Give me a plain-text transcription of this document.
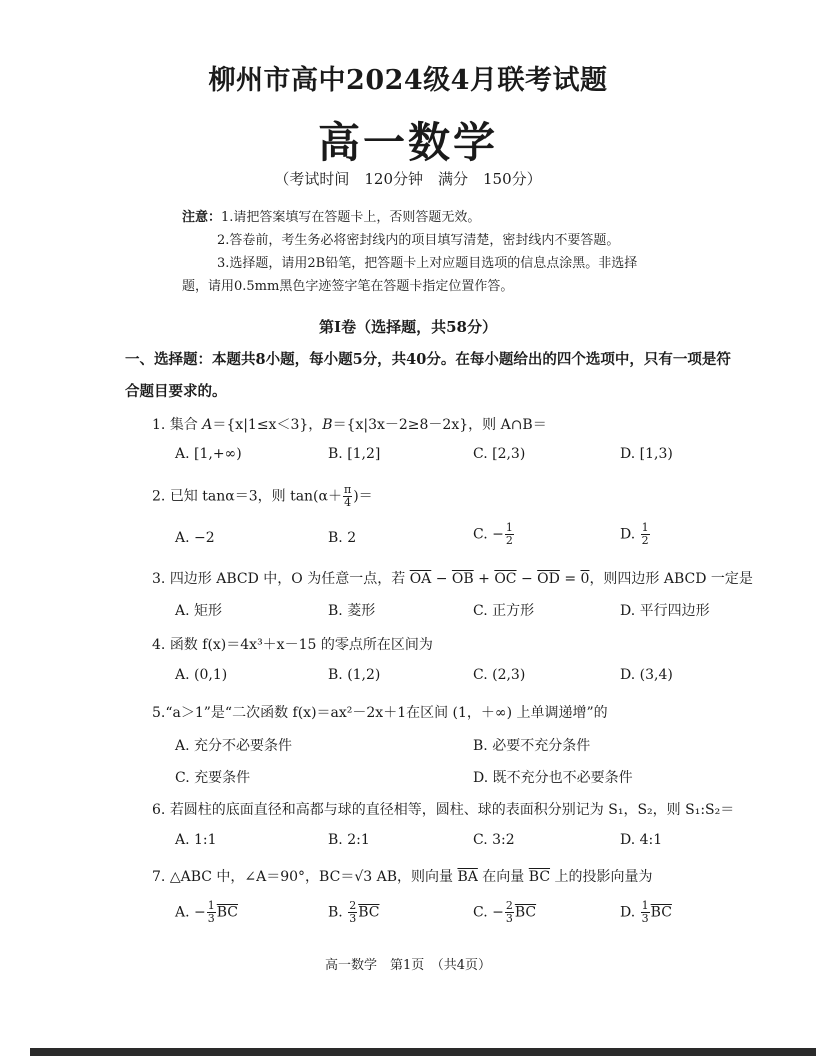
柳州市高中2024级4月联考试题
高一数学
（考试时间　120分钟　满分　150分）
注意：1.请把答案填写在答题卡上，否则答题无效。
2.答卷前，考生务必将密封线内的项目填写清楚，密封线内不要答题。
3.选择题，请用2B铅笔，把答题卡上对应题目选项的信息点涂黑。非选择
题，请用0.5mm黑色字迹签字笔在答题卡指定位置作答。
第Ⅰ卷（选择题，共58分）
一、选择题：本题共8小题，每小题5分，共40分。在每小题给出的四个选项中，只有一项是符
合题目要求的。
1. 集合 A＝{x|1≤x＜3}，B＝{x|3x－2≥8－2x}，则 A∩B＝
A. [1,+∞)	B. [1,2]	C. [2,3)	D. [1,3)
2. 已知 tanα＝3，则 $\tan(\alpha+ \frac{\pi}{4}$ )＝
A. −2	B. 2	C. − $\frac{1}{2}$	D. $\frac{1}{2}$
3. 四边形 ABCD 中，O 为任意一点，若 $\overline{OA} - \overline{OB} + \overline{OC} - \overline{OD} = 0$，则四边形 ABCD 一定是
A. 矩形	B. 菱形	C. 正方形	D. 平行四边形
4. 函数 f(x)＝4x³＋x－15 的零点所在区间为
A. (0,1)	B. (1,2)	C. (2,3)	D. (3,4)
5.“a＞1”是“二次函数 f(x)＝ax²－2x＋1在区间 (1，＋∞) 上单调递增”的
A. 充分不必要条件	B. 必要不充分条件
C. 充要条件	D. 既不充分也不必要条件
6. 若圆柱的底面直径和高都与球的直径相等，圆柱、球的表面积分别记为 S₁，S₂，则 S₁:S₂＝
A. 1:1	B. 2:1	C. 3:2	D. 4:1
7. △ABC 中，∠A＝90°，BC＝√3 AB，则向量 $\overline{BA}$ 在向量 $\overline{BC}$ 上的投影向量为
A. − $\frac{1}{3} \overline{BC}$	B. $\frac{2}{3} \overline{BC}$	C. − $\frac{2}{3} \overline{BC}$	D. $\frac{1}{3} \overline{BC}$
高一数学　第1页　（共4页）
